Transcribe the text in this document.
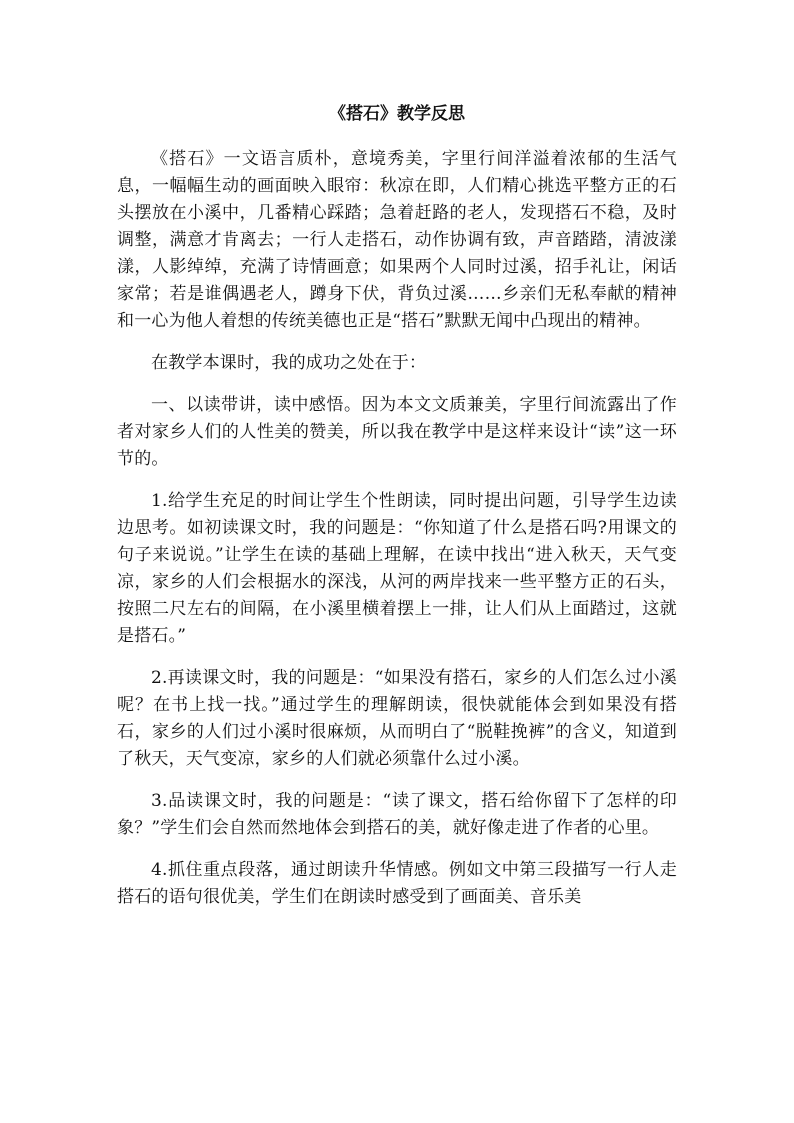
《搭石》教学反思

《搭石》一文语言质朴，意境秀美，字里行间洋溢着浓郁的生活气息，一幅幅生动的画面映入眼帘：秋凉在即，人们精心挑选平整方正的石头摆放在小溪中，几番精心踩踏；急着赶路的老人，发现搭石不稳，及时调整，满意才肯离去；一行人走搭石，动作协调有致，声音踏踏，清波漾漾，人影绰绰，充满了诗情画意；如果两个人同时过溪，招手礼让，闲话家常；若是谁偶遇老人，蹲身下伏，背负过溪……乡亲们无私奉献的精神和一心为他人着想的传统美德也正是“搭石”默默无闻中凸现出的精神。

在教学本课时，我的成功之处在于：

一、以读带讲，读中感悟。因为本文文质兼美，字里行间流露出了作者对家乡人们的人性美的赞美，所以我在教学中是这样来设计“读”这一环节的。

1.给学生充足的时间让学生个性朗读，同时提出问题，引导学生边读边思考。如初读课文时，我的问题是：“你知道了什么是搭石吗?用课文的句子来说说。”让学生在读的基础上理解，在读中找出“进入秋天，天气变凉，家乡的人们会根据水的深浅，从河的两岸找来一些平整方正的石头，按照二尺左右的间隔，在小溪里横着摆上一排，让人们从上面踏过，这就是搭石。”

2.再读课文时，我的问题是：“如果没有搭石，家乡的人们怎么过小溪呢？在书上找一找。”通过学生的理解朗读，很快就能体会到如果没有搭石，家乡的人们过小溪时很麻烦，从而明白了“脱鞋挽裤”的含义，知道到了秋天，天气变凉，家乡的人们就必须靠什么过小溪。

3.品读课文时，我的问题是：“读了课文，搭石给你留下了怎样的印象？”学生们会自然而然地体会到搭石的美，就好像走进了作者的心里。

4.抓住重点段落，通过朗读升华情感。例如文中第三段描写一行人走搭石的语句很优美，学生们在朗读时感受到了画面美、音乐美
